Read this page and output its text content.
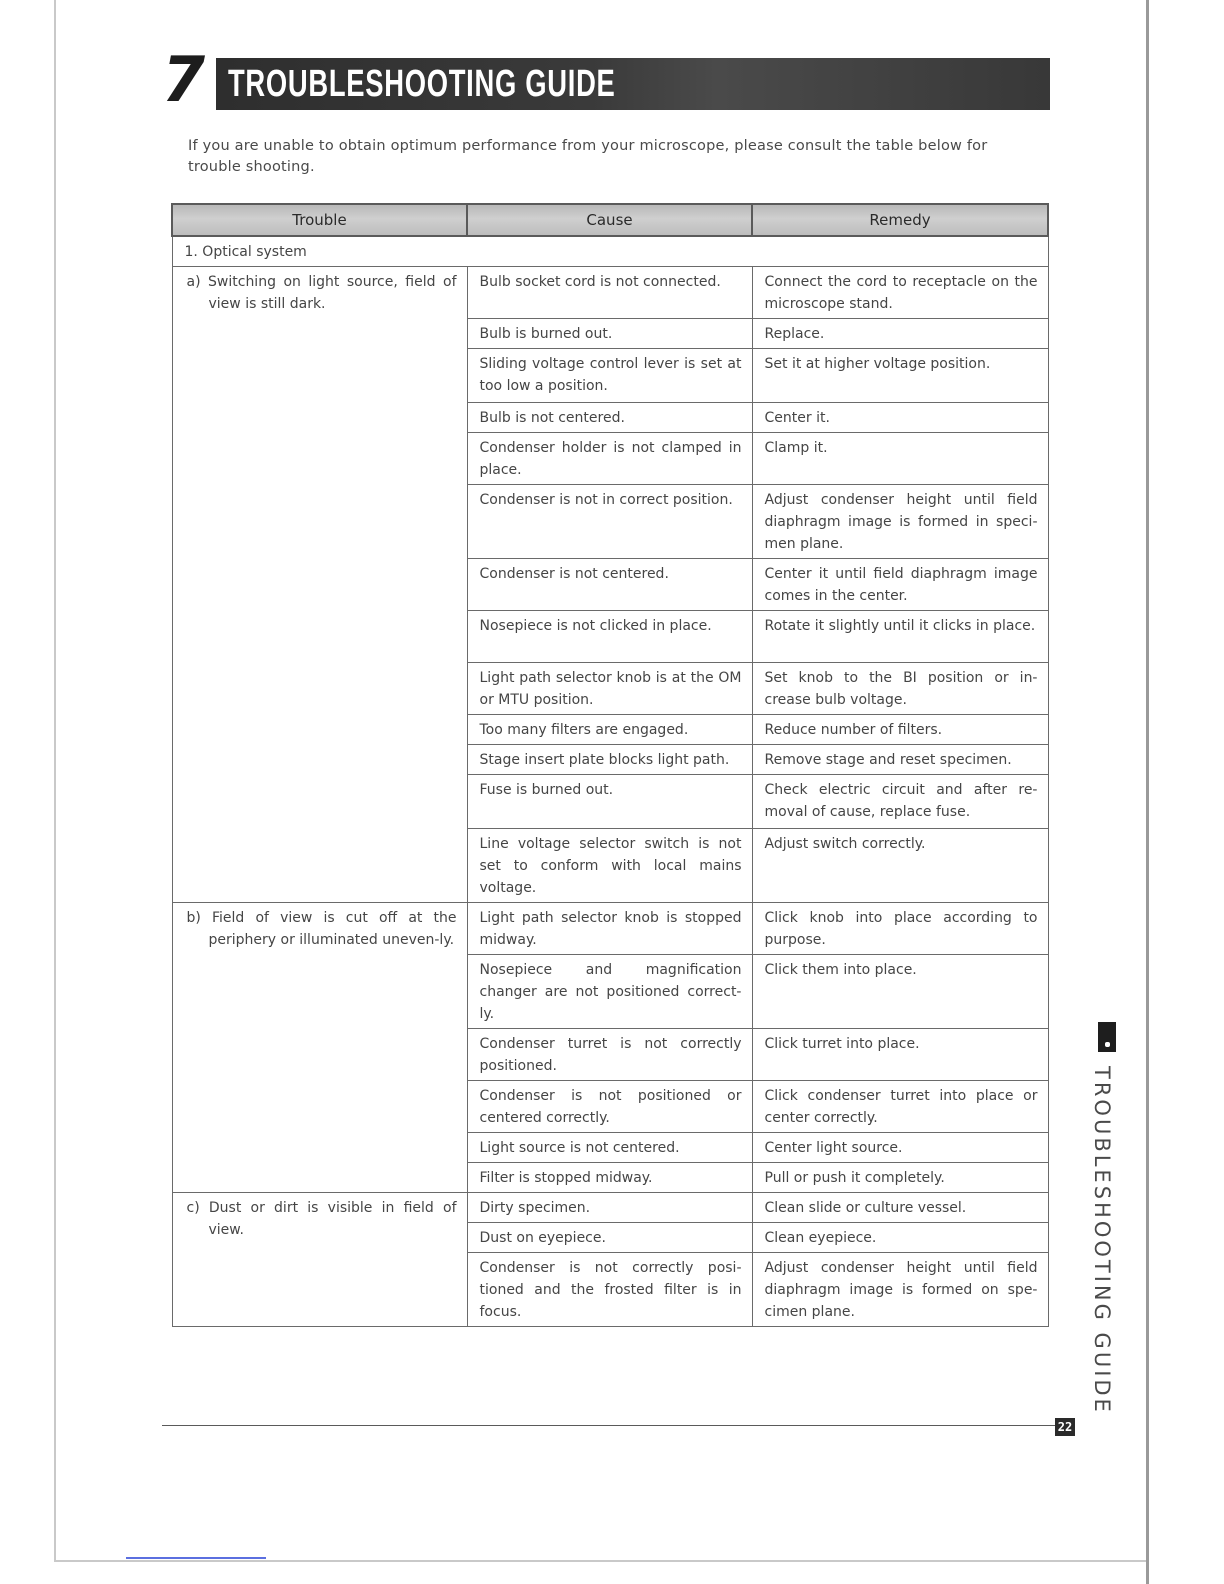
7 TROUBLESHOOTING GUIDE
If you are unable to obtain optimum performance from your microscope, please consult the table below for trouble shooting.
Trouble	Cause	Remedy
1. Optical system		

a) Switching on light source, field of view is still dark.	Bulb socket cord is not connected.	Connect the cord to receptacle on the microscope stand.
	Bulb is burned out.	Replace.
	Sliding voltage control lever is set at too low a position.	Set it at higher voltage position.
	Bulb is not centered.	Center it.
	Condenser holder is not clamped in place.	Clamp it.
	Condenser is not in correct position.	Adjust condenser height until field diaphragm image is formed in speci-men plane.
	Condenser is not centered.	Center it until field diaphragm image comes in the center.
	Nosepiece is not clicked in place.	Rotate it slightly until it clicks in place.
	Light path selector knob is at the OM or MTU position.	Set knob to the BI position or in-crease bulb voltage.
	Too many filters are engaged.	Reduce number of filters.
	Stage insert plate blocks light path.	Remove stage and reset specimen.
	Fuse is burned out.	Check electric circuit and after re-moval of cause, replace fuse.
	Line voltage selector switch is not set to conform with local mains voltage.	Adjust switch correctly.

b) Field of view is cut off at the periphery or illuminated uneven-ly.	Light path selector knob is stopped midway.	Click knob into place according to purpose.
	Nosepiece and magnification changer are not positioned correct-ly.	Click them into place.
	Condenser turret is not correctly positioned.	Click turret into place.
	Condenser is not positioned or centered correctly.	Click condenser turret into place or center correctly.
	Light source is not centered.	Center light source.
	Filter is stopped midway.	Pull or push it completely.

c) Dust or dirt is visible in field of view.	Dirty specimen.	Clean slide or culture vessel.
	Dust on eyepiece.	Clean eyepiece.
	Condenser is not correctly posi-tioned and the frosted filter is in focus.	Adjust condenser height until field diaphragm image is formed on spe-cimen plane.	TROUBLESHOOTING GUIDE
22
